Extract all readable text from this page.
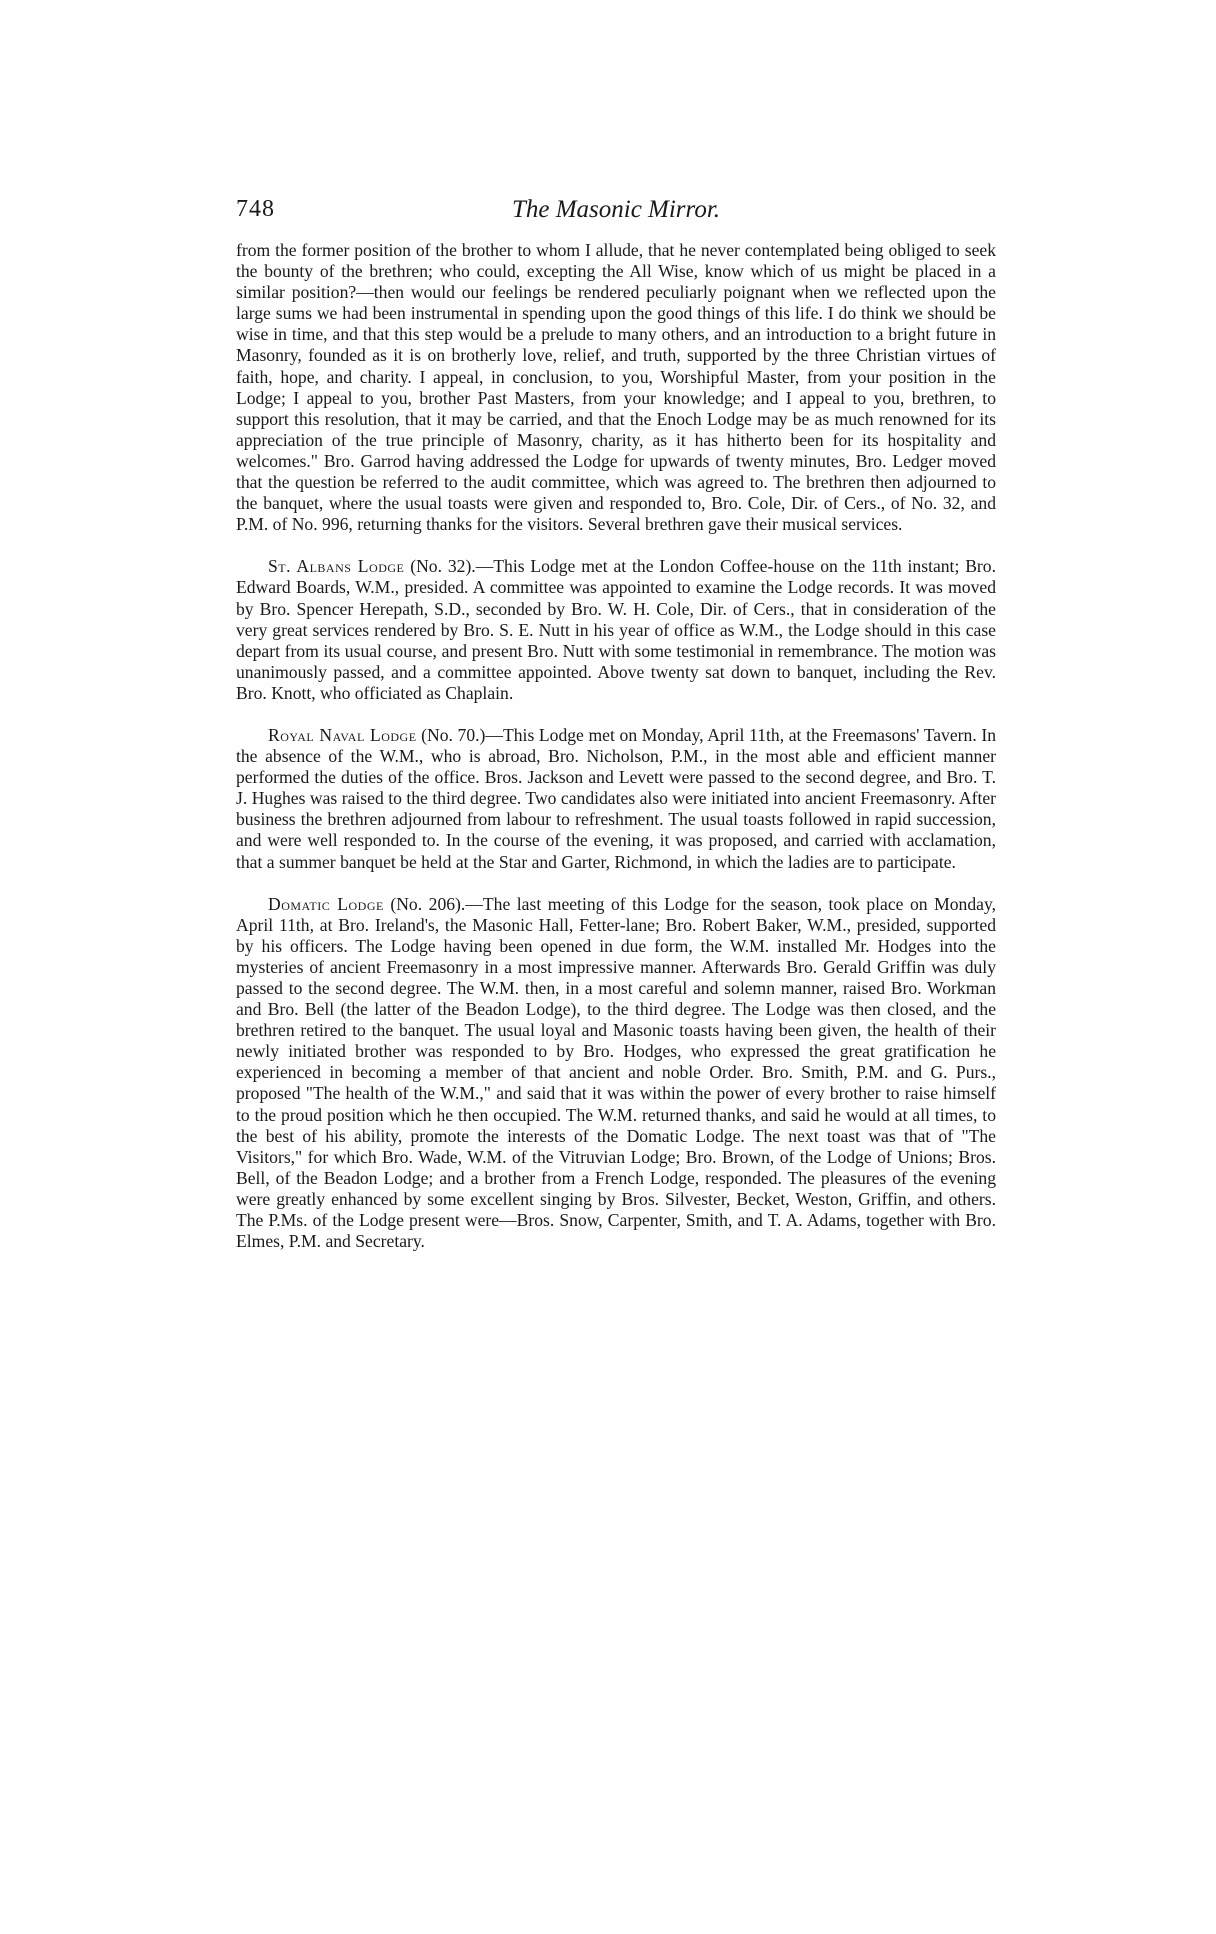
748	The Masonic Mirror.

from the former position of the brother to whom I allude, that he never contemplated being obliged to seek the bounty of the brethren; who could, excepting the All Wise, know which of us might be placed in a similar position?—then would our feelings be rendered peculiarly poignant when we reflected upon the large sums we had been instrumental in spending upon the good things of this life. I do think we should be wise in time, and that this step would be a prelude to many others, and an introduction to a bright future in Masonry, founded as it is on brotherly love, relief, and truth, supported by the three Christian virtues of faith, hope, and charity. I appeal, in conclusion, to you, Worshipful Master, from your position in the Lodge; I appeal to you, brother Past Masters, from your knowledge; and I appeal to you, brethren, to support this resolution, that it may be carried, and that the Enoch Lodge may be as much renowned for its appreciation of the true principle of Masonry, charity, as it has hitherto been for its hospitality and welcomes." Bro. Garrod having addressed the Lodge for upwards of twenty minutes, Bro. Ledger moved that the question be referred to the audit committee, which was agreed to. The brethren then adjourned to the banquet, where the usual toasts were given and responded to, Bro. Cole, Dir. of Cers., of No. 32, and P.M. of No. 996, returning thanks for the visitors. Several brethren gave their musical services.

St. Albans Lodge (No. 32).—This Lodge met at the London Coffee-house on the 11th instant; Bro. Edward Boards, W.M., presided. A committee was appointed to examine the Lodge records. It was moved by Bro. Spencer Herepath, S.D., seconded by Bro. W. H. Cole, Dir. of Cers., that in consideration of the very great services rendered by Bro. S. E. Nutt in his year of office as W.M., the Lodge should in this case depart from its usual course, and present Bro. Nutt with some testimonial in remembrance. The motion was unanimously passed, and a committee appointed. Above twenty sat down to banquet, including the Rev. Bro. Knott, who officiated as Chaplain.

Royal Naval Lodge (No. 70.)—This Lodge met on Monday, April 11th, at the Freemasons' Tavern. In the absence of the W.M., who is abroad, Bro. Nicholson, P.M., in the most able and efficient manner performed the duties of the office. Bros. Jackson and Levett were passed to the second degree, and Bro. T. J. Hughes was raised to the third degree. Two candidates also were initiated into ancient Freemasonry. After business the brethren adjourned from labour to refreshment. The usual toasts followed in rapid succession, and were well responded to. In the course of the evening, it was proposed, and carried with acclamation, that a summer banquet be held at the Star and Garter, Richmond, in which the ladies are to participate.

Domatic Lodge (No. 206).—The last meeting of this Lodge for the season, took place on Monday, April 11th, at Bro. Ireland's, the Masonic Hall, Fetter-lane; Bro. Robert Baker, W.M., presided, supported by his officers. The Lodge having been opened in due form, the W.M. installed Mr. Hodges into the mysteries of ancient Freemasonry in a most impressive manner. Afterwards Bro. Gerald Griffin was duly passed to the second degree. The W.M. then, in a most careful and solemn manner, raised Bro. Workman and Bro. Bell (the latter of the Beadon Lodge), to the third degree. The Lodge was then closed, and the brethren retired to the banquet. The usual loyal and Masonic toasts having been given, the health of their newly initiated brother was responded to by Bro. Hodges, who expressed the great gratification he experienced in becoming a member of that ancient and noble Order. Bro. Smith, P.M. and G. Purs., proposed "The health of the W.M.," and said that it was within the power of every brother to raise himself to the proud position which he then occupied. The W.M. returned thanks, and said he would at all times, to the best of his ability, promote the interests of the Domatic Lodge. The next toast was that of "The Visitors," for which Bro. Wade, W.M. of the Vitruvian Lodge; Bro. Brown, of the Lodge of Unions; Bros. Bell, of the Beadon Lodge; and a brother from a French Lodge, responded. The pleasures of the evening were greatly enhanced by some excellent singing by Bros. Silvester, Becket, Weston, Griffin, and others. The P.Ms. of the Lodge present were—Bros. Snow, Carpenter, Smith, and T. A. Adams, together with Bro. Elmes, P.M. and Secretary.
